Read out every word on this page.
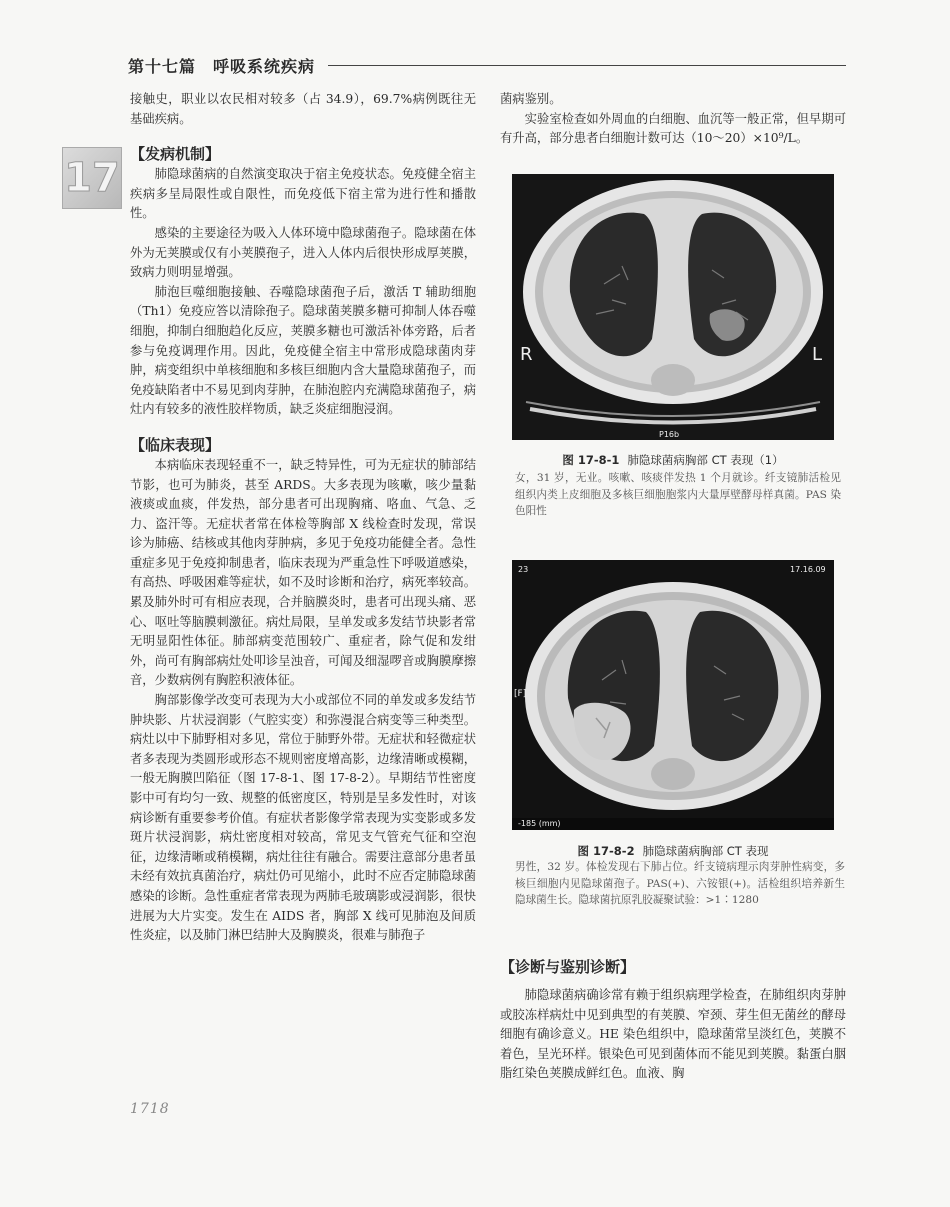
第十七篇　呼吸系统疾病
17

接触史，职业以农民相对较多（占 34.9），69.7%病例既往无基础疾病。

【发病机制】

肺隐球菌病的自然演变取决于宿主免疫状态。免疫健全宿主疾病多呈局限性或自限性，而免疫低下宿主常为进行性和播散性。

感染的主要途径为吸入人体环境中隐球菌孢子。隐球菌在体外为无荚膜或仅有小荚膜孢子，进入人体内后很快形成厚荚膜，致病力则明显增强。

肺泡巨噬细胞接触、吞噬隐球菌孢子后，激活 T 辅助细胞（Th1）免疫应答以清除孢子。隐球菌荚膜多糖可抑制人体吞噬细胞，抑制白细胞趋化反应，荚膜多糖也可激活补体旁路，后者参与免疫调理作用。因此，免疫健全宿主中常形成隐球菌肉芽肿，病变组织中单核细胞和多核巨细胞内含大量隐球菌孢子，而免疫缺陷者中不易见到肉芽肿，在肺泡腔内充满隐球菌孢子，病灶内有较多的液性胶样物质，缺乏炎症细胞浸润。

【临床表现】

本病临床表现轻重不一，缺乏特异性，可为无症状的肺部结节影，也可为肺炎，甚至 ARDS。大多表现为咳嗽，咳少量黏液痰或血痰，伴发热，部分患者可出现胸痛、咯血、气急、乏力、盗汗等。无症状者常在体检等胸部 X 线检查时发现，常误诊为肺癌、结核或其他肉芽肿病，多见于免疫功能健全者。急性重症多见于免疫抑制患者，临床表现为严重急性下呼吸道感染，有高热、呼吸困难等症状，如不及时诊断和治疗，病死率较高。累及肺外时可有相应表现，合并脑膜炎时，患者可出现头痛、恶心、呕吐等脑膜刺激征。病灶局限，呈单发或多发结节块影者常无明显阳性体征。肺部病变范围较广、重症者，除气促和发绀外，尚可有胸部病灶处叩诊呈浊音，可闻及细湿啰音或胸膜摩擦音，少数病例有胸腔积液体征。

胸部影像学改变可表现为大小或部位不同的单发或多发结节肿块影、片状浸润影（气腔实变）和弥漫混合病变等三种类型。病灶以中下肺野相对多见，常位于肺野外带。无症状和轻微症状者多表现为类圆形或形态不规则密度增高影，边缘清晰或模糊，一般无胸膜凹陷征（图 17-8-1、图 17-8-2）。早期结节性密度影中可有均匀一致、规整的低密度区，特别是呈多发性时，对该病诊断有重要参考价值。有症状者影像学常表现为实变影或多发斑片状浸润影，病灶密度相对较高，常见支气管充气征和空泡征，边缘清晰或稍模糊，病灶往往有融合。需要注意部分患者虽未经有效抗真菌治疗，病灶仍可见缩小，此时不应否定肺隐球菌感染的诊断。急性重症者常表现为两肺毛玻璃影或浸润影，很快进展为大片实变。发生在 AIDS 者，胸部 X 线可见肺泡及间质性炎症，以及肺门淋巴结肿大及胸膜炎，很难与肺孢子

菌病鉴别。

实验室检查如外周血的白细胞、血沉等一般正常，但早期可有升高，部分患者白细胞计数可达（10～20）×10⁹/L。

R	L
P16b
图 17-8-1 肺隐球菌病胸部 CT 表现（1）
女，31 岁，无业。咳嗽、咳痰伴发热 1 个月就诊。纤支镜肺活检见组织内类上皮细胞及多核巨细胞胞浆内大量厚壁酵母样真菌。PAS 染色阳性
23	17.16.09
[F]
-185 (mm)
图 17-8-2 肺隐球菌病胸部 CT 表现
男性，32 岁。体检发现右下肺占位。纤支镜病理示肉芽肿性病变，多核巨细胞内见隐球菌孢子。PAS(+)、六铵银(+)。活检组织培养新生隐球菌生长。隐球菌抗原乳胶凝聚试验：>1∶1280
【诊断与鉴别诊断】

肺隐球菌病确诊常有赖于组织病理学检查，在肺组织肉芽肿或胶冻样病灶中见到典型的有荚膜、窄颈、芽生但无菌丝的酵母细胞有确诊意义。HE 染色组织中，隐球菌常呈淡红色，荚膜不着色，呈光环样。银染色可见到菌体而不能见到荚膜。黏蛋白胭脂红染色荚膜成鲜红色。血液、胸

1718
